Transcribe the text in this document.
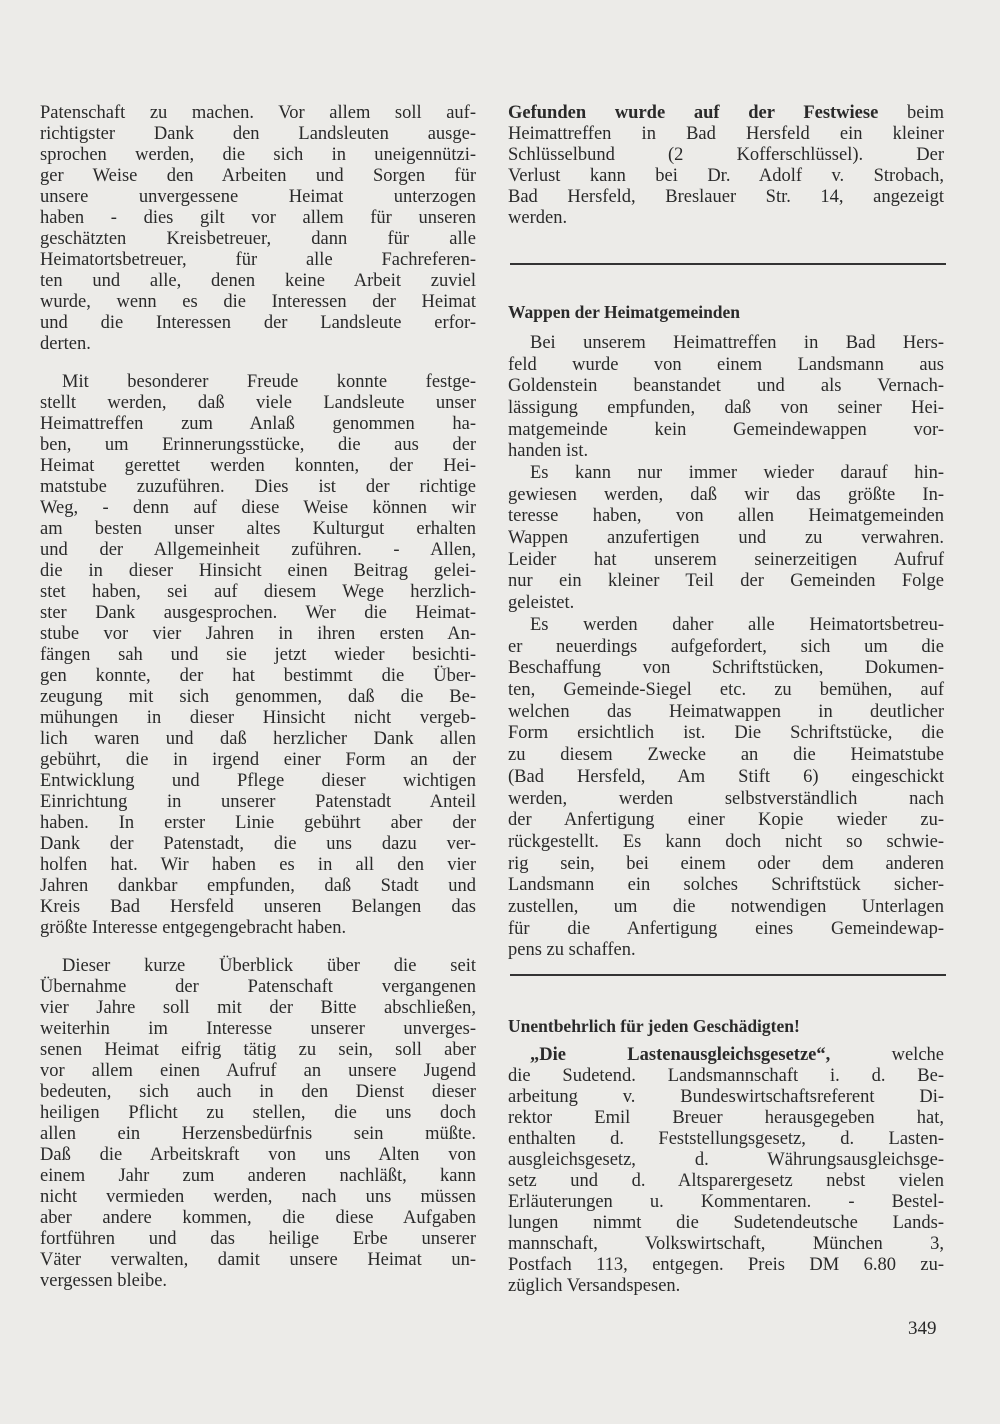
Patenschaft zu machen. Vor allem soll auf-
richtigster Dank den Landsleuten ausge-
sprochen werden, die sich in uneigennützi-
ger Weise den Arbeiten und Sorgen für
unsere unvergessene Heimat unterzogen
haben - dies gilt vor allem für unseren
geschätzten Kreisbetreuer, dann für alle
Heimatortsbetreuer, für alle Fachreferen-
ten und alle, denen keine Arbeit zuviel
wurde, wenn es die Interessen der Heimat
und die Interessen der Landsleute erfor-
derten.
Mit besonderer Freude konnte festge-
stellt werden, daß viele Landsleute unser
Heimattreffen zum Anlaß genommen ha-
ben, um Erinnerungsstücke, die aus der
Heimat gerettet werden konnten, der Hei-
matstube zuzuführen. Dies ist der richtige
Weg, - denn auf diese Weise können wir
am besten unser altes Kulturgut erhalten
und der Allgemeinheit zuführen. - Allen,
die in dieser Hinsicht einen Beitrag gelei-
stet haben, sei auf diesem Wege herzlich-
ster Dank ausgesprochen. Wer die Heimat-
stube vor vier Jahren in ihren ersten An-
fängen sah und sie jetzt wieder besichti-
gen konnte, der hat bestimmt die Über-
zeugung mit sich genommen, daß die Be-
mühungen in dieser Hinsicht nicht vergeb-
lich waren und daß herzlicher Dank allen
gebührt, die in irgend einer Form an der
Entwicklung und Pflege dieser wichtigen
Einrichtung in unserer Patenstadt Anteil
haben. In erster Linie gebührt aber der
Dank der Patenstadt, die uns dazu ver-
holfen hat. Wir haben es in all den vier
Jahren dankbar empfunden, daß Stadt und
Kreis Bad Hersfeld unseren Belangen das
größte Interesse entgegengebracht haben.
Dieser kurze Überblick über die seit
Übernahme der Patenschaft vergangenen
vier Jahre soll mit der Bitte abschließen,
weiterhin im Interesse unserer unverges-
senen Heimat eifrig tätig zu sein, soll aber
vor allem einen Aufruf an unsere Jugend
bedeuten, sich auch in den Dienst dieser
heiligen Pflicht zu stellen, die uns doch
allen ein Herzensbedürfnis sein müßte.
Daß die Arbeitskraft von uns Alten von
einem Jahr zum anderen nachläßt, kann
nicht vermieden werden, nach uns müssen
aber andere kommen, die diese Aufgaben
fortführen und das heilige Erbe unserer
Väter verwalten, damit unsere Heimat un-
vergessen bleibe.
Gefunden wurde auf der Festwiese beim
Heimattreffen in Bad Hersfeld ein kleiner
Schlüsselbund (2 Kofferschlüssel). Der
Verlust kann bei Dr. Adolf v. Strobach,
Bad Hersfeld, Breslauer Str. 14, angezeigt
werden.
Wappen der Heimatgemeinden
Bei unserem Heimattreffen in Bad Hers-
feld wurde von einem Landsmann aus
Goldenstein beanstandet und als Vernach-
lässigung empfunden, daß von seiner Hei-
matgemeinde kein Gemeindewappen vor-
handen ist.
Es kann nur immer wieder darauf hin-
gewiesen werden, daß wir das größte In-
teresse haben, von allen Heimatgemeinden
Wappen anzufertigen und zu verwahren.
Leider hat unserem seinerzeitigen Aufruf
nur ein kleiner Teil der Gemeinden Folge
geleistet.
Es werden daher alle Heimatortsbetreu-
er neuerdings aufgefordert, sich um die
Beschaffung von Schriftstücken, Dokumen-
ten, Gemeinde-Siegel etc. zu bemühen, auf
welchen das Heimatwappen in deutlicher
Form ersichtlich ist. Die Schriftstücke, die
zu diesem Zwecke an die Heimatstube
(Bad Hersfeld, Am Stift 6) eingeschickt
werden, werden selbstverständlich nach
der Anfertigung einer Kopie wieder zu-
rückgestellt. Es kann doch nicht so schwie-
rig sein, bei einem oder dem anderen
Landsmann ein solches Schriftstück sicher-
zustellen, um die notwendigen Unterlagen
für die Anfertigung eines Gemeindewap-
pens zu schaffen.
Unentbehrlich für jeden Geschädigten!
„Die Lastenausgleichsgesetze“, welche
die Sudetend. Landsmannschaft i. d. Be-
arbeitung v. Bundeswirtschaftsreferent Di-
rektor Emil Breuer herausgegeben hat,
enthalten d. Feststellungsgesetz, d. Lasten-
ausgleichsgesetz, d. Währungsausgleichsge-
setz und d. Altsparergesetz nebst vielen
Erläuterungen u. Kommentaren. - Bestel-
lungen nimmt die Sudetendeutsche Lands-
mannschaft, Volkswirtschaft, München 3,
Postfach 113, entgegen. Preis DM 6.80 zu-
züglich Versandspesen.
349
